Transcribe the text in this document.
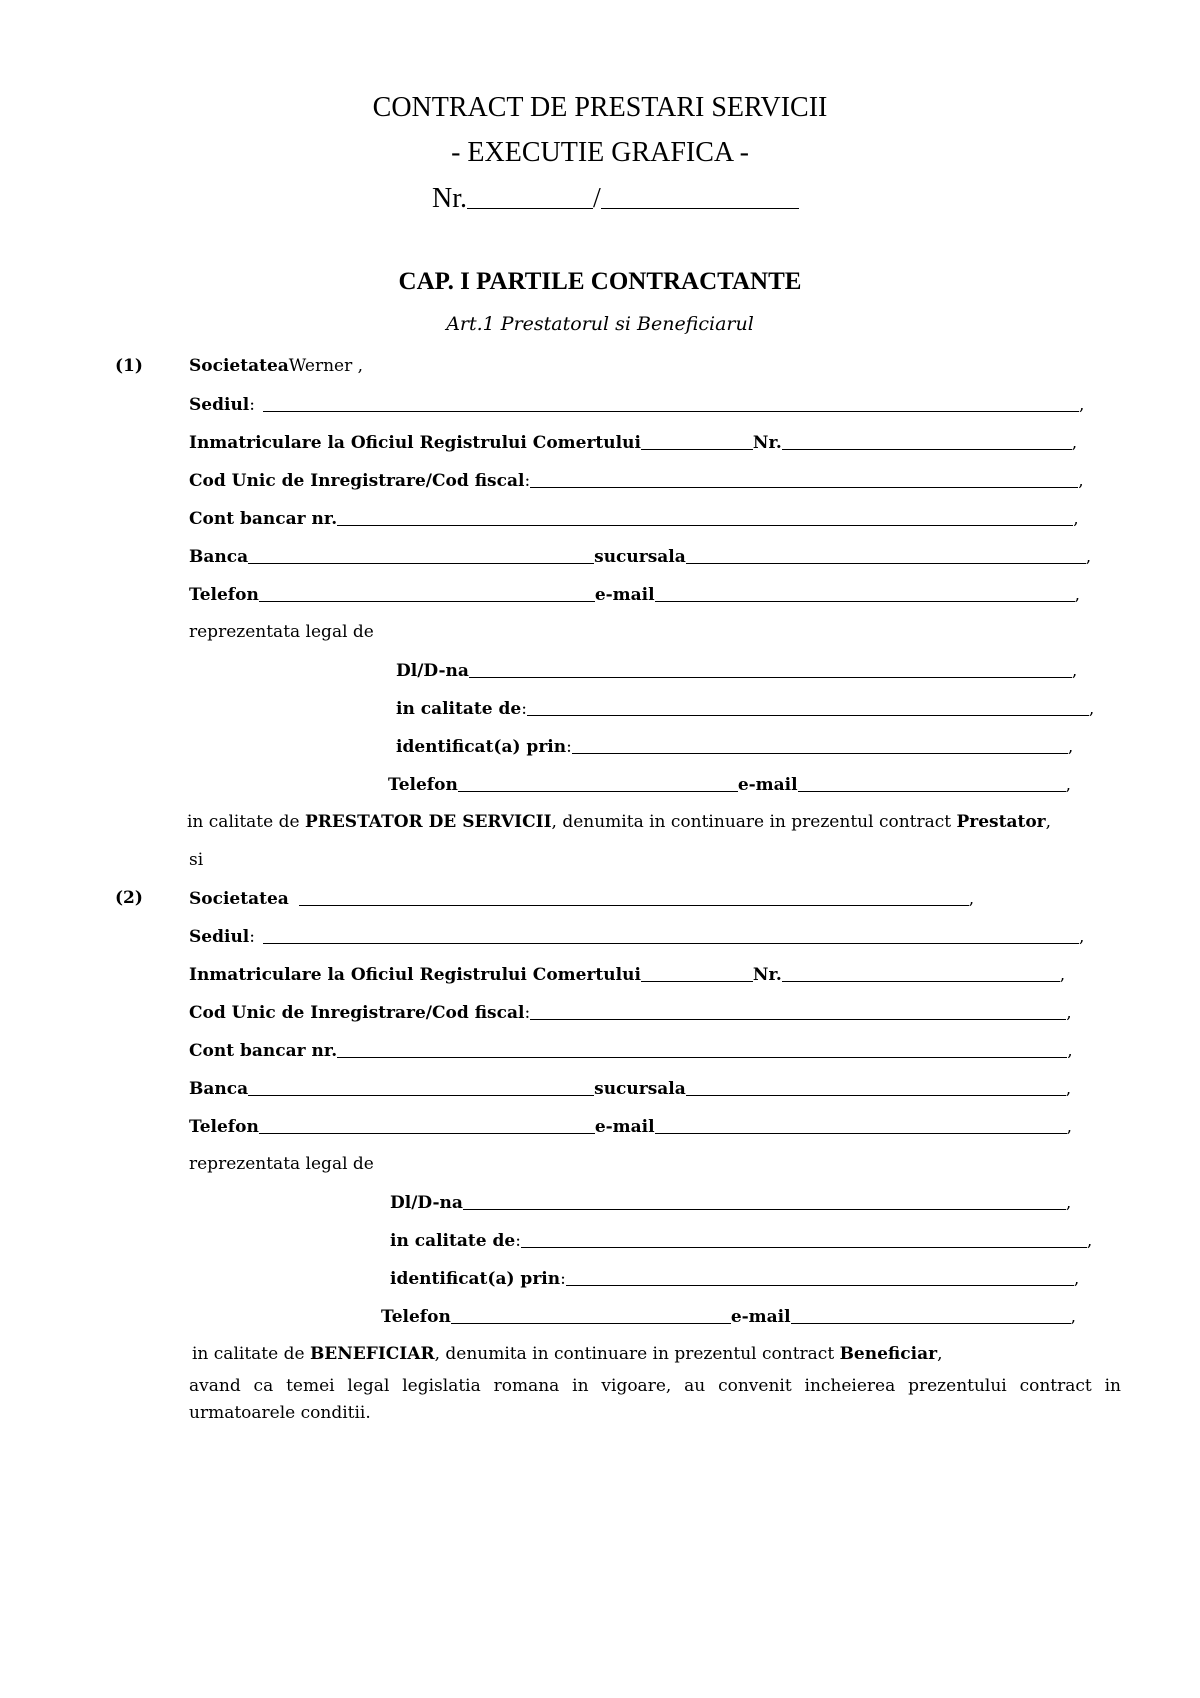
CONTRACT DE PRESTARI SERVICII
- EXECUTIE GRAFICA -
Nr.	/
CAP. I PARTILE CONTRACTANTE
Art.1 Prestatorul si Beneficiarul
(1)	Societatea Werner ,
Sediul :	,
Inmatriculare la Oficiul Registrului Comertului	Nr.	,
Cod Unic de Inregistrare/Cod fiscal :	,
Cont bancar nr.	,
Banca	sucursala	,
Telefon	e-mail	,
reprezentata legal de
Dl/D-na	,
in calitate de :	,
identificat(a) prin :	,
Telefon	e-mail	,
in calitate de PRESTATOR DE SERVICII, denumita in continuare in prezentul contract Prestator,
si
(2)	Societatea	,
Sediul :	,
Inmatriculare la Oficiul Registrului Comertului	Nr.	,
Cod Unic de Inregistrare/Cod fiscal :	,
Cont bancar nr.	,
Banca	sucursala	,
Telefon	e-mail	,
reprezentata legal de
Dl/D-na	,
in calitate de :	,
identificat(a) prin :	,
Telefon	e-mail	,
in calitate de BENEFICIAR, denumita in continuare in prezentul contract Beneficiar,
avand ca temei legal legislatia romana in vigoare, au convenit incheierea prezentului contract in urmatoarele conditii.
